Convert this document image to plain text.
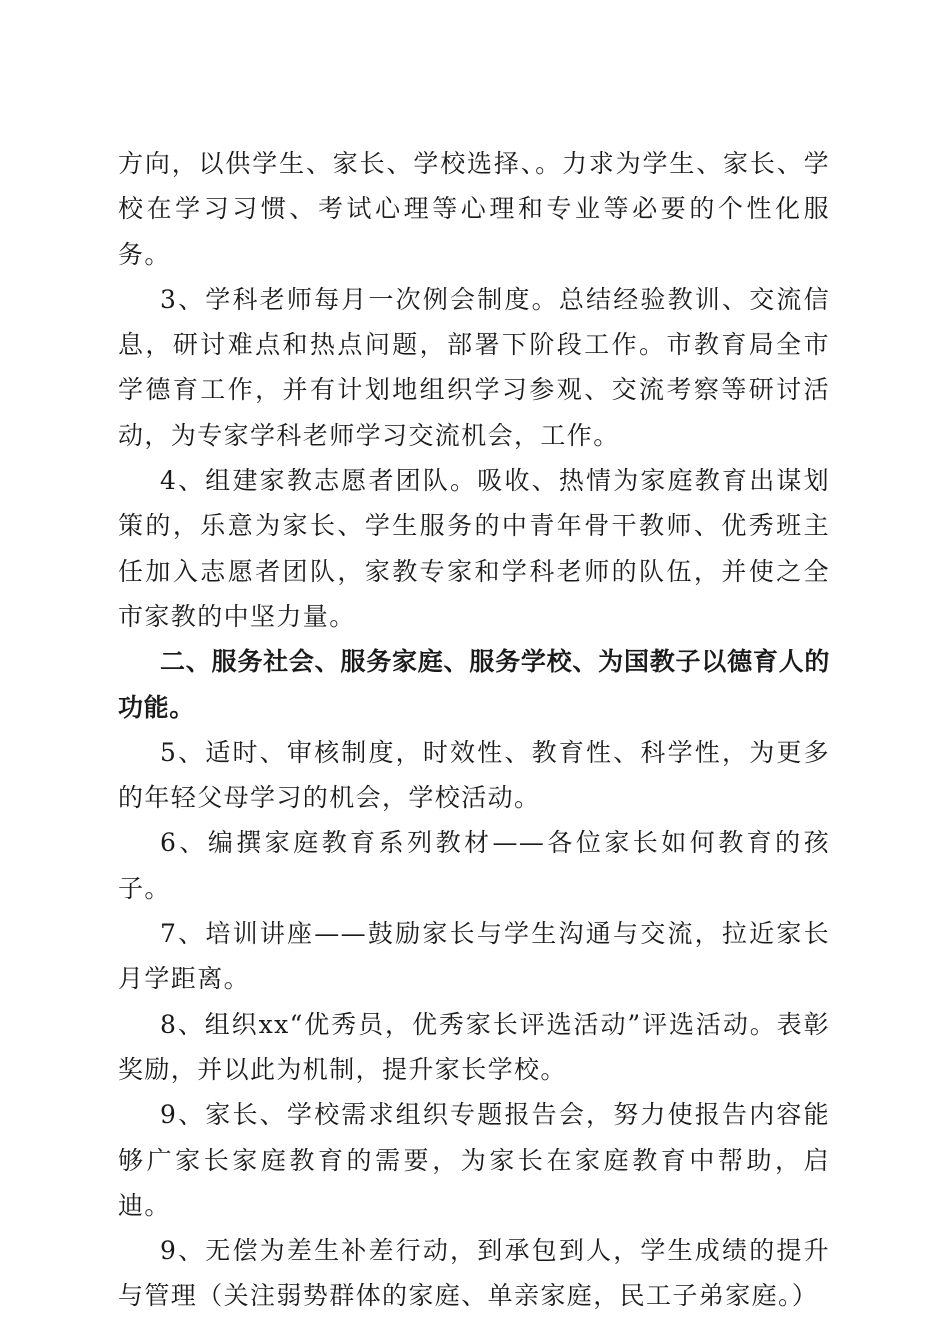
方向，以供学生、家长、学校选择、。力求为学生、家长、学校在学习习惯、考试心理等心理和专业等必要的个性化服务。

3、学科老师每月一次例会制度。总结经验教训、交流信息，研讨难点和热点问题，部署下阶段工作。市教育局全市学德育工作，并有计划地组织学习参观、交流考察等研讨活动，为专家学科老师学习交流机会，工作。

4、组建家教志愿者团队。吸收、热情为家庭教育出谋划策的，乐意为家长、学生服务的中青年骨干教师、优秀班主任加入志愿者团队，家教专家和学科老师的队伍，并使之全市家教的中坚力量。

二、服务社会、服务家庭、服务学校、为国教子以德育人的功能。

5、适时、审核制度，时效性、教育性、科学性，为更多的年轻父母学习的机会，学校活动。

6、编撰家庭教育系列教材——各位家长如何教育的孩子。

7、培训讲座——鼓励家长与学生沟通与交流，拉近家长月学距离。

8、组织xx“优秀员，优秀家长评选活动”评选活动。表彰奖励，并以此为机制，提升家长学校。

9、家长、学校需求组织专题报告会，努力使报告内容能够广家长家庭教育的需要，为家长在家庭教育中帮助，启迪。

9、无偿为差生补差行动，到承包到人，学生成绩的提升与管理（关注弱势群体的家庭、单亲家庭，民工子弟家庭。）
